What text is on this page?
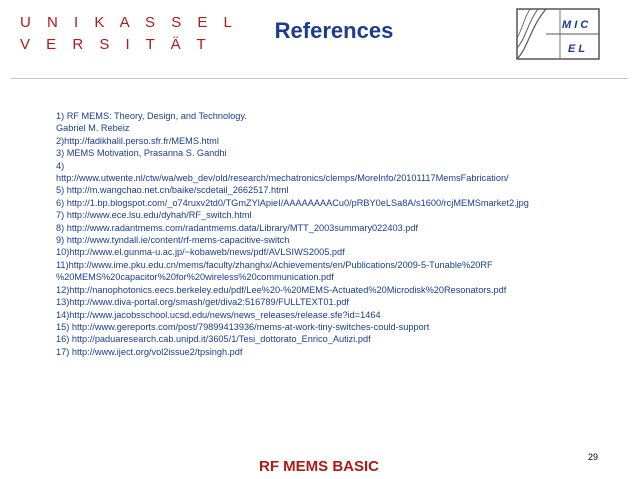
U N I K A S S E L
V E R S I T Ä T
References	M I C
E L
1) RF MEMS: Theory, Design, and Technology.
Gabriel M. Rebeiz
2)http://fadikhalil.perso.sfr.fr/MEMS.html
3) MEMS Motivation, Prasanna S. Gandhi
4)
http://www.utwente.nl/ctw/wa/web_dev/old/research/mechatronics/clemps/MoreInfo/20101117MemsFabrication/
5) http://m.wangchao.net.cn/baike/scdetail_2662517.html
6) http://1.bp.blogspot.com/_o74ruxv2td0/TGmZYlApieI/AAAAAAAACu0/pRBY0eLSa8A/s1600/rcjMEMSmarket2.jpg
7) http://www.ece.lsu.edu/dyhah/RF_switch.html
8) http://www.radantmems.com/radantmems.data/Library/MTT_2003summary022403.pdf
9) http://www.tyndall.ie/content/rf-mems-capacitive-switch
10)http://www.el.gunma-u.ac.jp/~kobaweb/news/pdf/AVLSIWS2005.pdf
11)http://www.ime.pku.edu.cn/mems/faculty/zhanghx/Achievements/en/Publications/2009-5-Tunable%20RF
%20MEMS%20capacitor%20for%20wireless%20communication.pdf
12)http://nanophotonics.eecs.berkeley.edu/pdf/Lee%20-%20MEMS-Actuated%20Microdisk%20Resonators.pdf
13)http://www.diva-portal.org/smash/get/diva2:516789/FULLTEXT01.pdf
14)http://www.jacobsschool.ucsd.edu/news/news_releases/release.sfe?id=1464
15) http://www.gereports.com/post/79899413936/mems-at-work-tiny-switches-could-support
16) http://paduaresearch.cab.unipd.it/3605/1/Tesi_dottorato_Enrico_Autizi.pdf
17) http://www.iject.org/vol2issue2/tpsingh.pdf
29
RF MEMS BASIC
